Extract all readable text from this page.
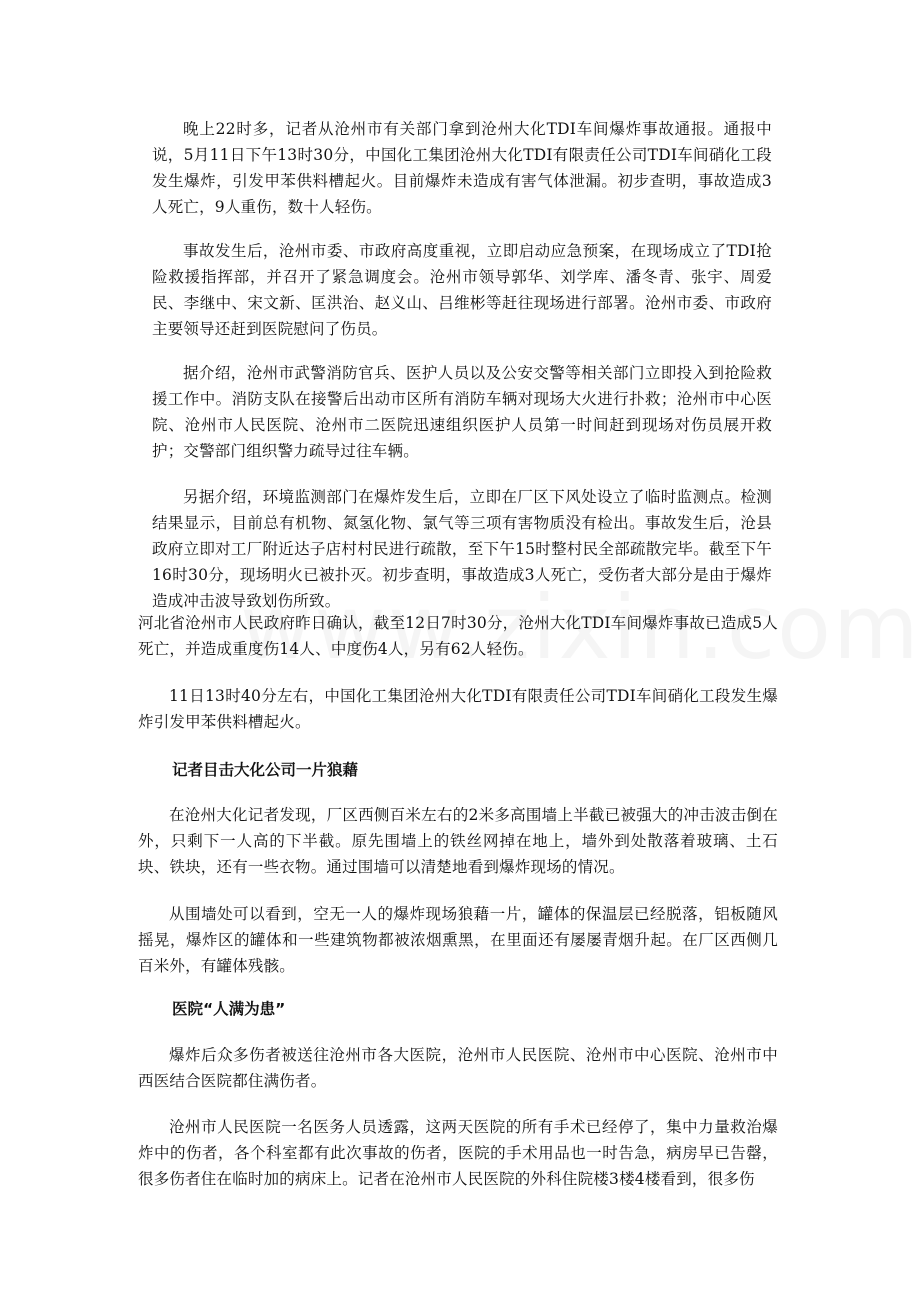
晚上22时多，记者从沧州市有关部门拿到沧州大化TDI车间爆炸事故通报。通报中说，5月11日下午13时30分，中国化工集团沧州大化TDI有限责任公司TDI车间硝化工段发生爆炸，引发甲苯供料槽起火。目前爆炸未造成有害气体泄漏。初步查明，事故造成3人死亡，9人重伤，数十人轻伤。

事故发生后，沧州市委、市政府高度重视，立即启动应急预案，在现场成立了TDI抢险救援指挥部，并召开了紧急调度会。沧州市领导郭华、刘学库、潘冬青、张宇、周爱民、李继中、宋文新、匡洪治、赵义山、吕维彬等赶往现场进行部署。沧州市委、市政府主要领导还赶到医院慰问了伤员。

据介绍，沧州市武警消防官兵、医护人员以及公安交警等相关部门立即投入到抢险救援工作中。消防支队在接警后出动市区所有消防车辆对现场大火进行扑救；沧州市中心医院、沧州市人民医院、沧州市二医院迅速组织医护人员第一时间赶到现场对伤员展开救护；交警部门组织警力疏导过往车辆。

另据介绍，环境监测部门在爆炸发生后，立即在厂区下风处设立了临时监测点。检测结果显示，目前总有机物、氮氢化物、氯气等三项有害物质没有检出。事故发生后，沧县政府立即对工厂附近达子店村村民进行疏散，至下午15时整村民全部疏散完毕。截至下午16时30分，现场明火已被扑灭。初步查明，事故造成3人死亡，受伤者大部分是由于爆炸造成冲击波导致划伤所致。

河北省沧州市人民政府昨日确认，截至12日7时30分，沧州大化TDI车间爆炸事故已造成5人死亡，并造成重度伤14人、中度伤4人，另有62人轻伤。

11日13时40分左右，中国化工集团沧州大化TDI有限责任公司TDI车间硝化工段发生爆炸引发甲苯供料槽起火。

记者目击大化公司一片狼藉

在沧州大化记者发现，厂区西侧百米左右的2米多高围墙上半截已被强大的冲击波击倒在外，只剩下一人高的下半截。原先围墙上的铁丝网掉在地上，墙外到处散落着玻璃、土石块、铁块，还有一些衣物。通过围墙可以清楚地看到爆炸现场的情况。

从围墙处可以看到，空无一人的爆炸现场狼藉一片，罐体的保温层已经脱落，铝板随风摇晃，爆炸区的罐体和一些建筑物都被浓烟熏黑，在里面还有屡屡青烟升起。在厂区西侧几百米外，有罐体残骸。

医院“人满为患”

爆炸后众多伤者被送往沧州市各大医院，沧州市人民医院、沧州市中心医院、沧州市中西医结合医院都住满伤者。

沧州市人民医院一名医务人员透露，这两天医院的所有手术已经停了，集中力量救治爆炸中的伤者，各个科室都有此次事故的伤者，医院的手术用品也一时告急，病房早已告罄，很多伤者住在临时加的病床上。记者在沧州市人民医院的外科住院楼3楼4楼看到，很多伤
